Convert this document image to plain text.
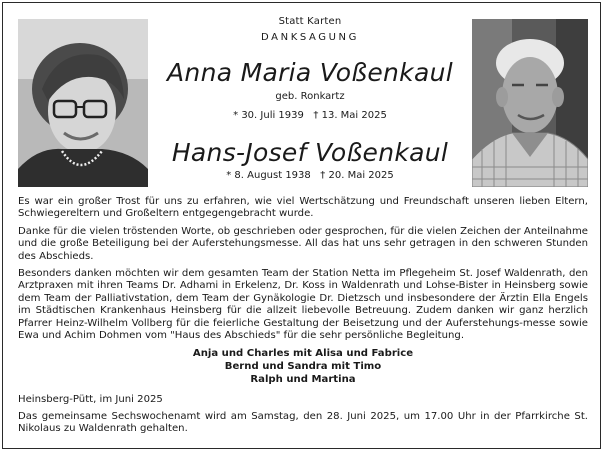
Statt Karten
DANKSAGUNG
Anna Maria Voßenkaul
geb. Ronkartz
* 30. Juli 1939   † 13. Mai 2025
Hans-Josef Voßenkaul
* 8. August 1938   † 20. Mai 2025
Es war ein großer Trost für uns zu erfahren, wie viel Wertschätzung und Freundschaft unseren lieben Eltern, Schwiegereltern und Großeltern entgegengebracht wurde.
Danke für die vielen tröstenden Worte, ob geschrieben oder gesprochen, für die vielen Zeichen der Anteilnahme und die große Beteiligung bei der Auferstehungsmesse. All das hat uns sehr getragen in den schweren Stunden des Abschieds.
Besonders danken möchten wir dem gesamten Team der Station Netta im Pflegeheim St. Josef Waldenrath, den Arztpraxen mit ihren Teams Dr. Adhami in Erkelenz, Dr. Koss in Waldenrath und Lohse-Bister in Heinsberg sowie dem Team der Palliativstation, dem Team der Gynäkologie Dr. Dietzsch und insbesondere der Ärztin Ella Engels im Städtischen Krankenhaus Heinsberg für die allzeit liebevolle Betreuung. Zudem danken wir ganz herzlich Pfarrer Heinz-Wilhelm Vollberg für die feierliche Gestaltung der Beisetzung und der Auferstehungs-messe sowie Ewa und Achim Dohmen vom "Haus des Abschieds" für die sehr persönliche Begleitung.
Anja und Charles mit Alisa und Fabrice
Bernd und Sandra mit Timo
Ralph und Martina
Heinsberg-Pütt, im Juni 2025
Das gemeinsame Sechswochenamt wird am Samstag, den 28. Juni 2025, um 17.00 Uhr in der Pfarrkirche St. Nikolaus zu Waldenrath gehalten.
